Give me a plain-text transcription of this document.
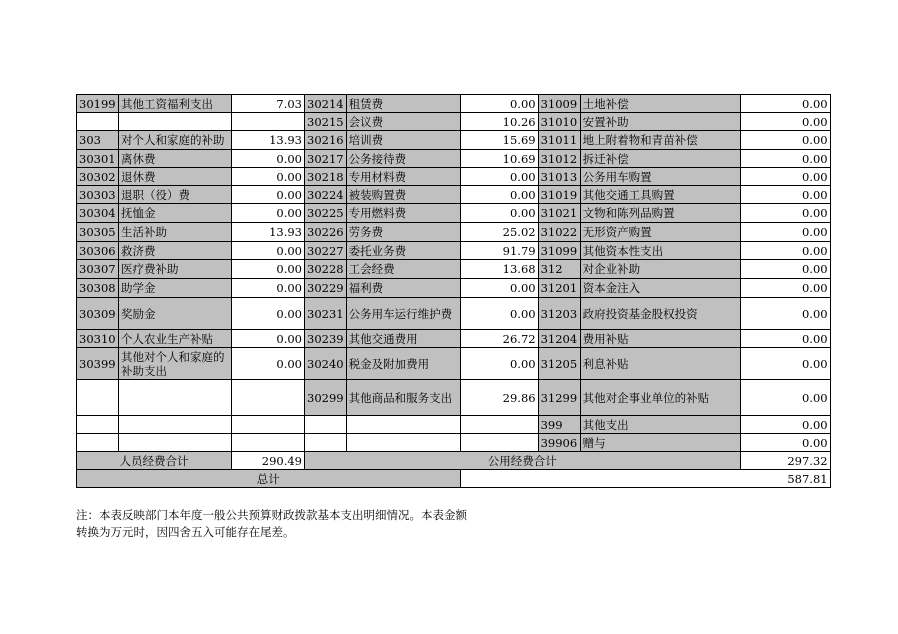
30199	其他工资福利支出	7.03	30214	租赁费	0.00	31009	土地补偿	0.00
			30215	会议费	10.26	31010	安置补助	0.00
303	对个人和家庭的补助	13.93	30216	培训费	15.69	31011	地上附着物和青苗补偿	0.00
30301	离休费	0.00	30217	公务接待费	10.69	31012	拆迁补偿	0.00
30302	退休费	0.00	30218	专用材料费	0.00	31013	公务用车购置	0.00
30303	退职（役）费	0.00	30224	被装购置费	0.00	31019	其他交通工具购置	0.00
30304	抚恤金	0.00	30225	专用燃料费	0.00	31021	文物和陈列品购置	0.00
30305	生活补助	13.93	30226	劳务费	25.02	31022	无形资产购置	0.00
30306	救济费	0.00	30227	委托业务费	91.79	31099	其他资本性支出	0.00
30307	医疗费补助	0.00	30228	工会经费	13.68	312	对企业补助	0.00
30308	助学金	0.00	30229	福利费	0.00	31201	资本金注入	0.00
30309	奖励金	0.00	30231	公务用车运行维护费	0.00	31203	政府投资基金股权投资	0.00
30310	个人农业生产补贴	0.00	30239	其他交通费用	26.72	31204	费用补贴	0.00
30399	其他对个人和家庭的补助支出	0.00	30240	税金及附加费用	0.00	31205	利息补贴	0.00
			30299	其他商品和服务支出	29.86	31299	其他对企事业单位的补贴	0.00
						399	其他支出	0.00
						39906	赠与	0.00
人员经费合计		290.49	公用经费合计					297.32
总计					587.81			
注：本表反映部门本年度一般公共预算财政拨款基本支出明细情况。本表金额转换为万元时，因四舍五入可能存在尾差。
